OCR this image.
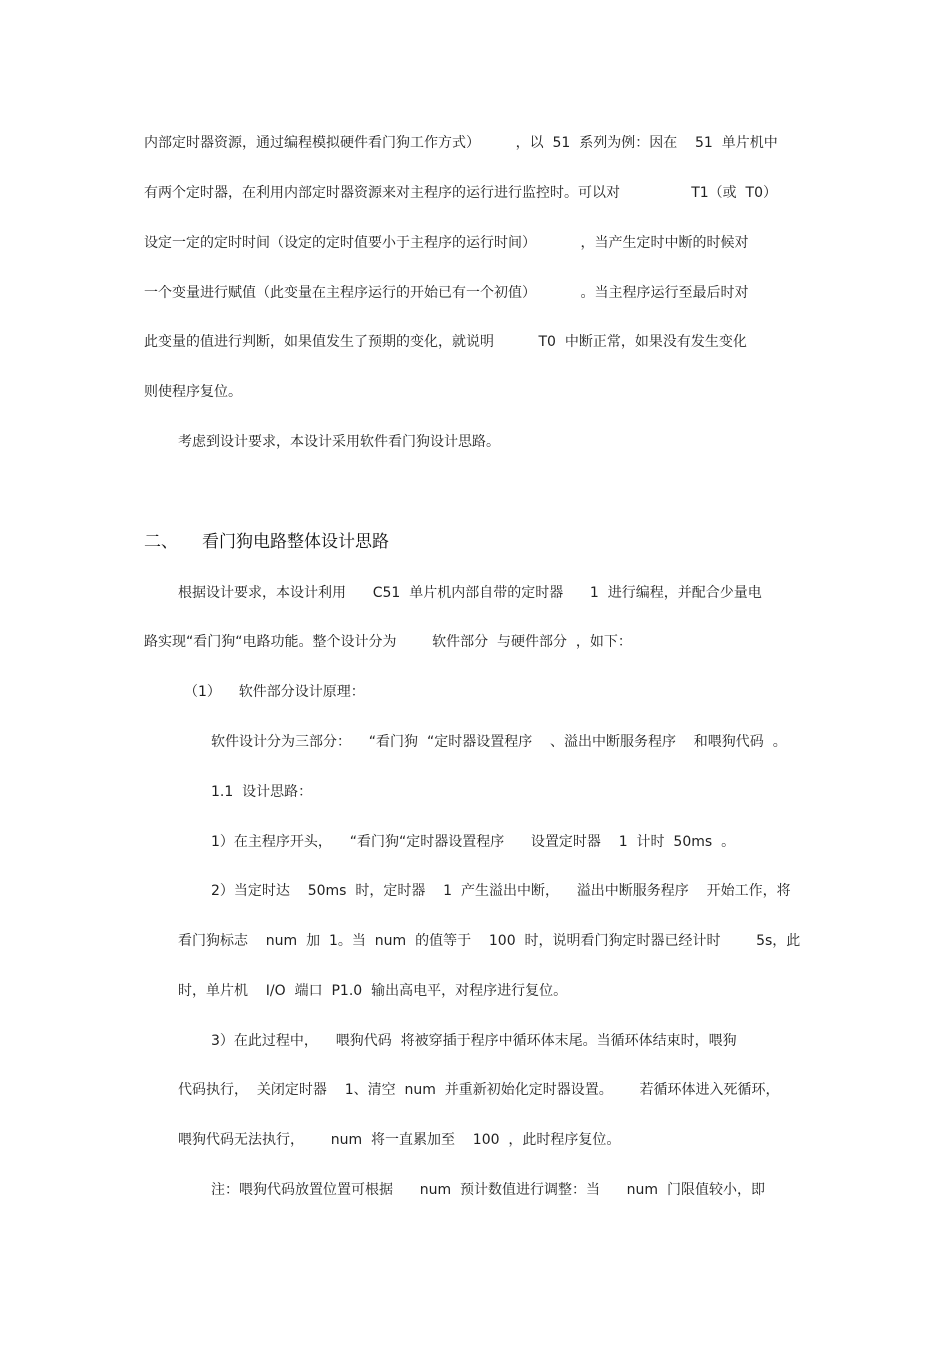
内部定时器资源，通过编程模拟硬件看门狗工作方式）        ，以  51  系列为例：因在    51  单片机中
有两个定时器，在利用内部定时器资源来对主程序的运行进行监控时。可以对                T1（或  T0）
设定一定的定时时间（设定的定时值要小于主程序的运行时间）          ，当产生定时中断的时候对
一个变量进行赋值（此变量在主程序运行的开始已有一个初值）          。当主程序运行至最后时对
此变量的值进行判断，如果值发生了预期的变化，就说明          T0  中断正常，如果没有发生变化
则使程序复位。
考虑到设计要求，本设计采用软件看门狗设计思路。
二、 看门狗电路整体设计思路
根据设计要求，本设计利用      C51  单片机内部自带的定时器      1  进行编程，并配合少量电
路实现“看门狗“电路功能。整个设计分为        软件部分  与硬件部分  ，如下：
（1）    软件部分设计原理：
软件设计分为三部分：    “看门狗  “定时器设置程序    、溢出中断服务程序    和喂狗代码  。
1.1  设计思路：
1）在主程序开头，    “看门狗“定时器设置程序      设置定时器    1  计时  50ms  。
2）当定时达    50ms  时，定时器    1  产生溢出中断，    溢出中断服务程序    开始工作，将
看门狗标志    num  加  1。当  num  的值等于    100  时，说明看门狗定时器已经计时        5s，此
时，单片机    I/O  端口  P1.0  输出高电平，对程序进行复位。
3）在此过程中，    喂狗代码  将被穿插于程序中循环体末尾。当循环体结束时，喂狗
代码执行，  关闭定时器    1、清空  num  并重新初始化定时器设置。      若循环体进入死循环，
喂狗代码无法执行，      num  将一直累加至    100  ，此时程序复位。
注：喂狗代码放置位置可根据      num  预计数值进行调整：当      num  门限值较小，即
